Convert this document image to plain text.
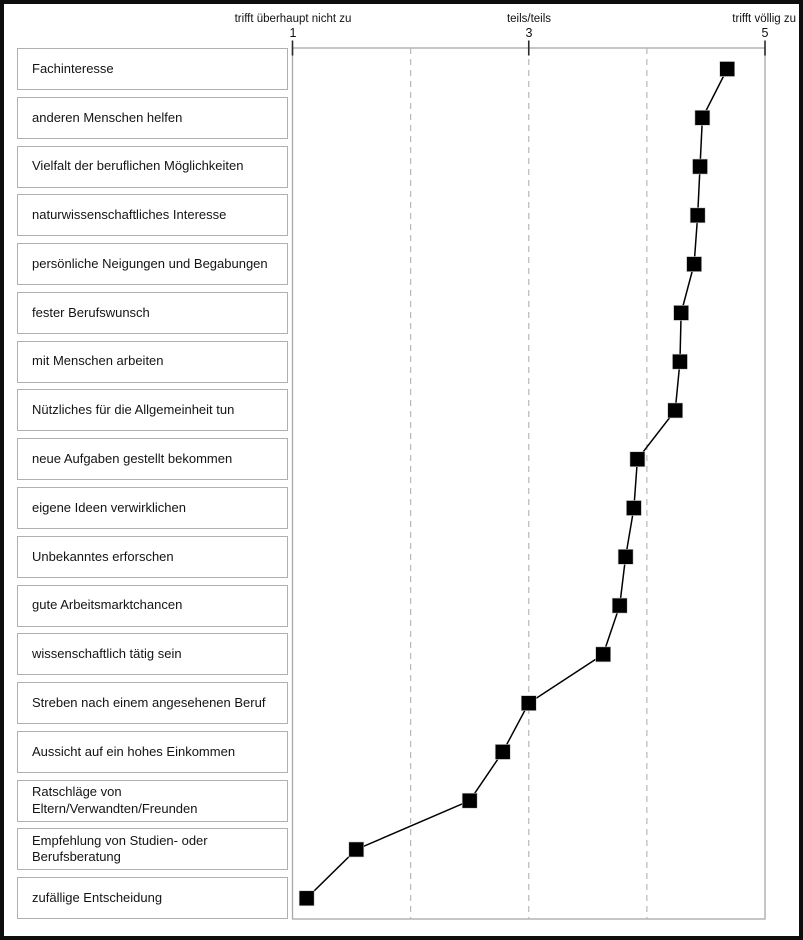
trifft überhaupt nicht zu	teils/teils	trifft völlig zu
1	3	5
Fachinteresse
anderen Menschen helfen
Vielfalt der beruflichen Möglichkeiten
naturwissenschaftliches Interesse
persönliche Neigungen und Begabungen
fester Berufswunsch
mit Menschen arbeiten
Nützliches für die Allgemeinheit tun
neue Aufgaben gestellt bekommen
eigene Ideen verwirklichen
Unbekanntes erforschen
gute Arbeitsmarktchancen
wissenschaftlich tätig sein
Streben nach einem angesehenen Beruf
Aussicht auf ein hohes Einkommen
Ratschläge von
Eltern/Verwandten/Freunden
Empfehlung von Studien- oder
Berufsberatung
zufällige Entscheidung
